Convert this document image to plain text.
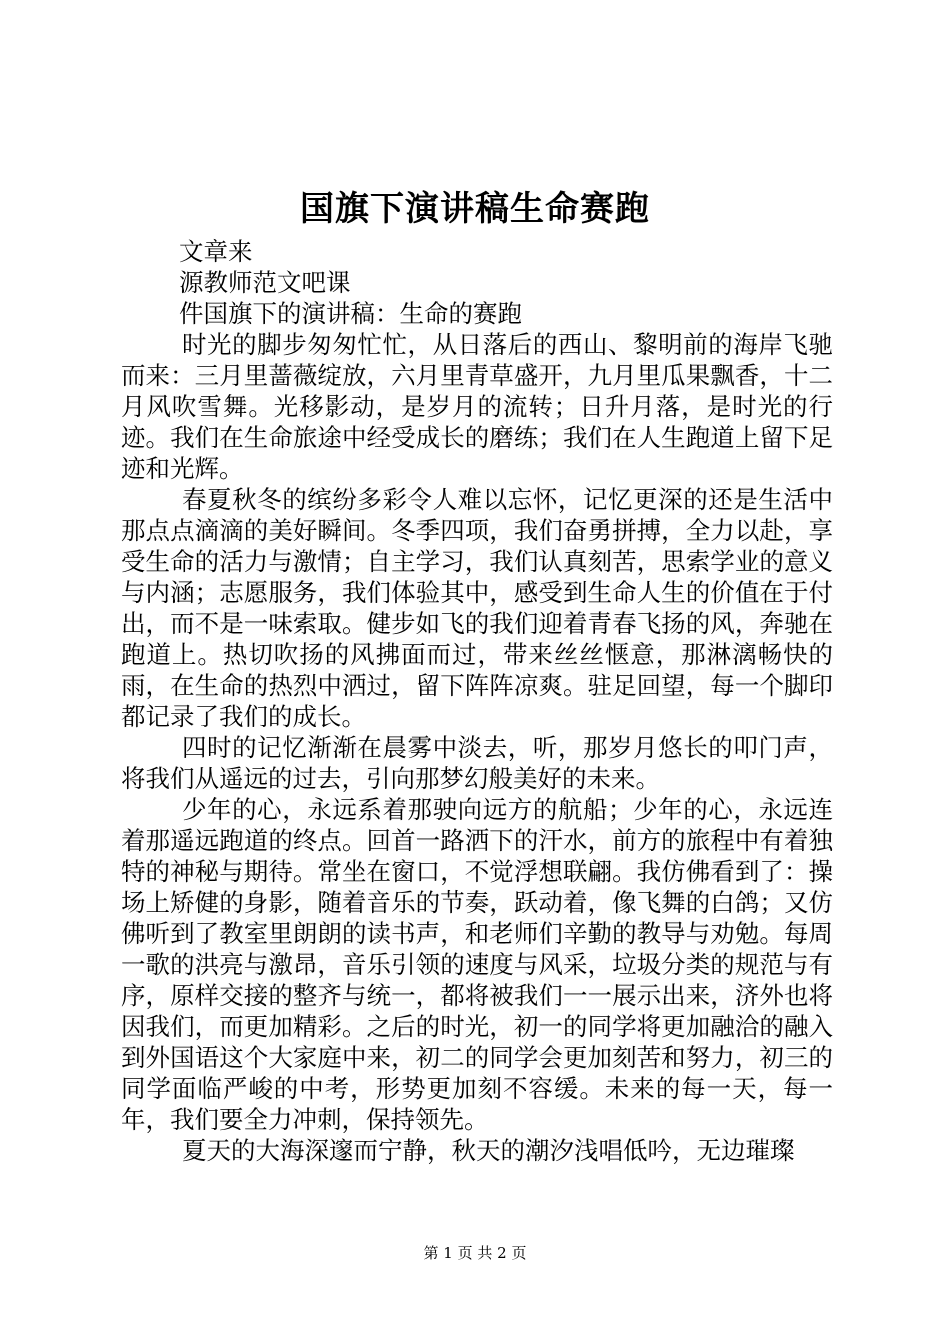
国旗下演讲稿生命赛跑

文章来

源教师范文吧课

件国旗下的演讲稿：生命的赛跑

时光的脚步匆匆忙忙，从日落后的西山、黎明前的海岸飞驰而来：三月里蔷薇绽放，六月里青草盛开，九月里瓜果飘香，十二月风吹雪舞。光移影动，是岁月的流转；日升月落，是时光的行迹。我们在生命旅途中经受成长的磨练；我们在人生跑道上留下足迹和光辉。

春夏秋冬的缤纷多彩令人难以忘怀，记忆更深的还是生活中那点点滴滴的美好瞬间。冬季四项，我们奋勇拼搏，全力以赴，享受生命的活力与激情；自主学习，我们认真刻苦，思索学业的意义与内涵；志愿服务，我们体验其中，感受到生命人生的价值在于付出，而不是一味索取。健步如飞的我们迎着青春飞扬的风，奔驰在跑道上。热切吹扬的风拂面而过，带来丝丝惬意，那淋漓畅快的雨，在生命的热烈中洒过，留下阵阵凉爽。驻足回望，每一个脚印都记录了我们的成长。

四时的记忆渐渐在晨雾中淡去，听，那岁月悠长的叩门声，将我们从遥远的过去，引向那梦幻般美好的未来。

少年的心，永远系着那驶向远方的航船；少年的心，永远连着那遥远跑道的终点。回首一路洒下的汗水，前方的旅程中有着独特的神秘与期待。常坐在窗口，不觉浮想联翩。我仿佛看到了：操场上矫健的身影，随着音乐的节奏，跃动着，像飞舞的白鸽；又仿佛听到了教室里朗朗的读书声，和老师们辛勤的教导与劝勉。每周一歌的洪亮与激昂，音乐引领的速度与风采，垃圾分类的规范与有序，原样交接的整齐与统一，都将被我们一一展示出来，济外也将因我们，而更加精彩。之后的时光，初一的同学将更加融洽的融入到外国语这个大家庭中来，初二的同学会更加刻苦和努力，初三的同学面临严峻的中考，形势更加刻不容缓。未来的每一天，每一年，我们要全力冲刺，保持领先。

夏天的大海深邃而宁静，秋天的潮汐浅唱低吟，无边璀璨

第 1 页 共 2 页
